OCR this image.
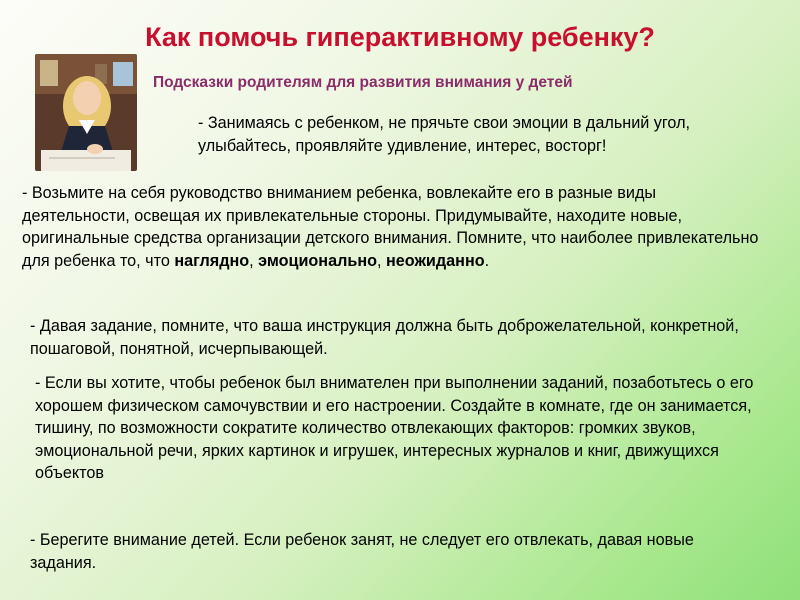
Как помочь гиперактивному ребенку?

Подсказки родителям для развития внимания у детей

- Занимаясь с ребенком, не прячьте свои эмоции в дальний угол, улыбайтесь, проявляйте удивление, интерес, восторг!

- Возьмите на себя руководство вниманием ребенка, вовлекайте его в разные виды деятельности, освещая их привлекательные стороны. Придумывайте, находите новые, оригинальные средства организации детского внимания. Помните, что наиболее привлекательно для ребенка то, что наглядно, эмоционально, неожиданно.

- Давая задание, помните, что ваша инструкция должна быть доброжелательной, конкретной, пошаговой, понятной, исчерпывающей.

- Если вы хотите, чтобы ребенок был внимателен при выполнении заданий, позаботьтесь о его хорошем физическом самочувствии и его настроении. Создайте в комнате, где он занимается, тишину, по возможности сократите количество отвлекающих факторов: громких звуков, эмоциональной речи, ярких картинок и игрушек, интересных журналов и книг, движущихся объектов

- Берегите внимание детей. Если ребенок занят, не следует его отвлекать, давая новые задания.
